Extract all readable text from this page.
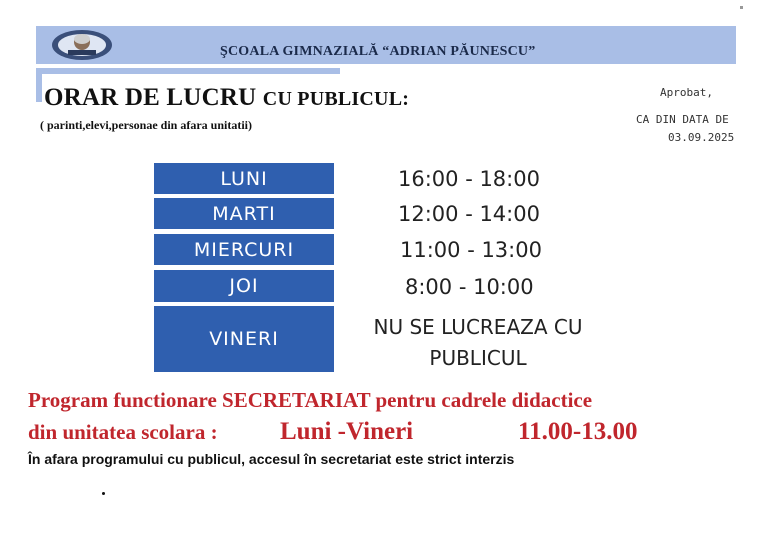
ŞCOALA GIMNAZIALĂ “ADRIAN PĂUNESCU”
ORAR DE LUCRU CU PUBLICUL:
( parinti,elevi,personae din afara unitatii)
Aprobat,
CA DIN DATA DE
03.09.2025
LUNI	16:00 - 18:00
MARTI	12:00 - 14:00
MIERCURI	11:00 - 13:00
JOI	8:00 - 10:00
VINERI	NU SE LUCREAZA CU PUBLICUL
Program functionare SECRETARIAT pentru cadrele didactice
din unitatea scolara : Luni -Vineri	11.00-13.00
În afara programului cu publicul, accesul în secretariat este strict interzis
